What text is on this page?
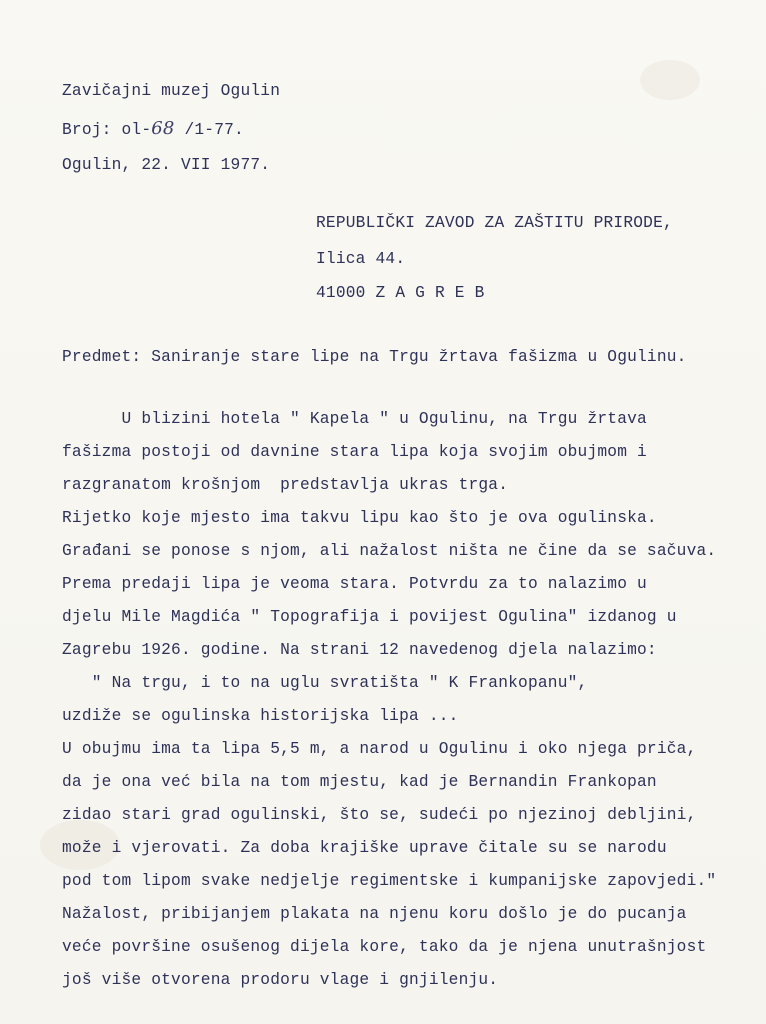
Zavičajni muzej Ogulin
Broj: ol-68 /1-77.
Ogulin, 22. VII 1977.
REPUBLIČKI ZAVOD ZA ZAŠTITU PRIRODE,
Ilica 44.
41000 Z A G R E B
Predmet: Saniranje stare lipe na Trgu žrtava fašizma u Ogulinu.
U blizini hotela " Kapela " u Ogulinu, na Trgu žrtava
fašizma postoji od davnine stara lipa koja svojim obujmom i
razgranatom krošnjom  predstavlja ukras trga.
Rijetko koje mjesto ima takvu lipu kao što je ova ogulinska.
Građani se ponose s njom, ali nažalost ništa ne čine da se sačuva.
Prema predaji lipa je veoma stara. Potvrdu za to nalazimo u
djelu Mile Magdića " Topografija i povijest Ogulina" izdanog u
Zagrebu 1926. godine. Na strani 12 navedenog djela nalazimo:
" Na trgu, i to na uglu svratišta " K Frankopanu",
uzdiže se ogulinska historijska lipa ...
U obujmu ima ta lipa 5,5 m, a narod u Ogulinu i oko njega priča,
da je ona već bila na tom mjestu, kad je Bernandin Frankopan
zidao stari grad ogulinski, što se, sudeći po njezinoj debljini,
može i vjerovati. Za doba krajiške uprave čitale su se narodu
pod tom lipom svake nedjelje regimentske i kumpanijske zapovjedi."
Nažalost, pribijanjem plakata na njenu koru došlo je do pucanja
veće površine osušenog dijela kore, tako da je njena unutrašnjost
još više otvorena prodoru vlage i gnjilenju.
